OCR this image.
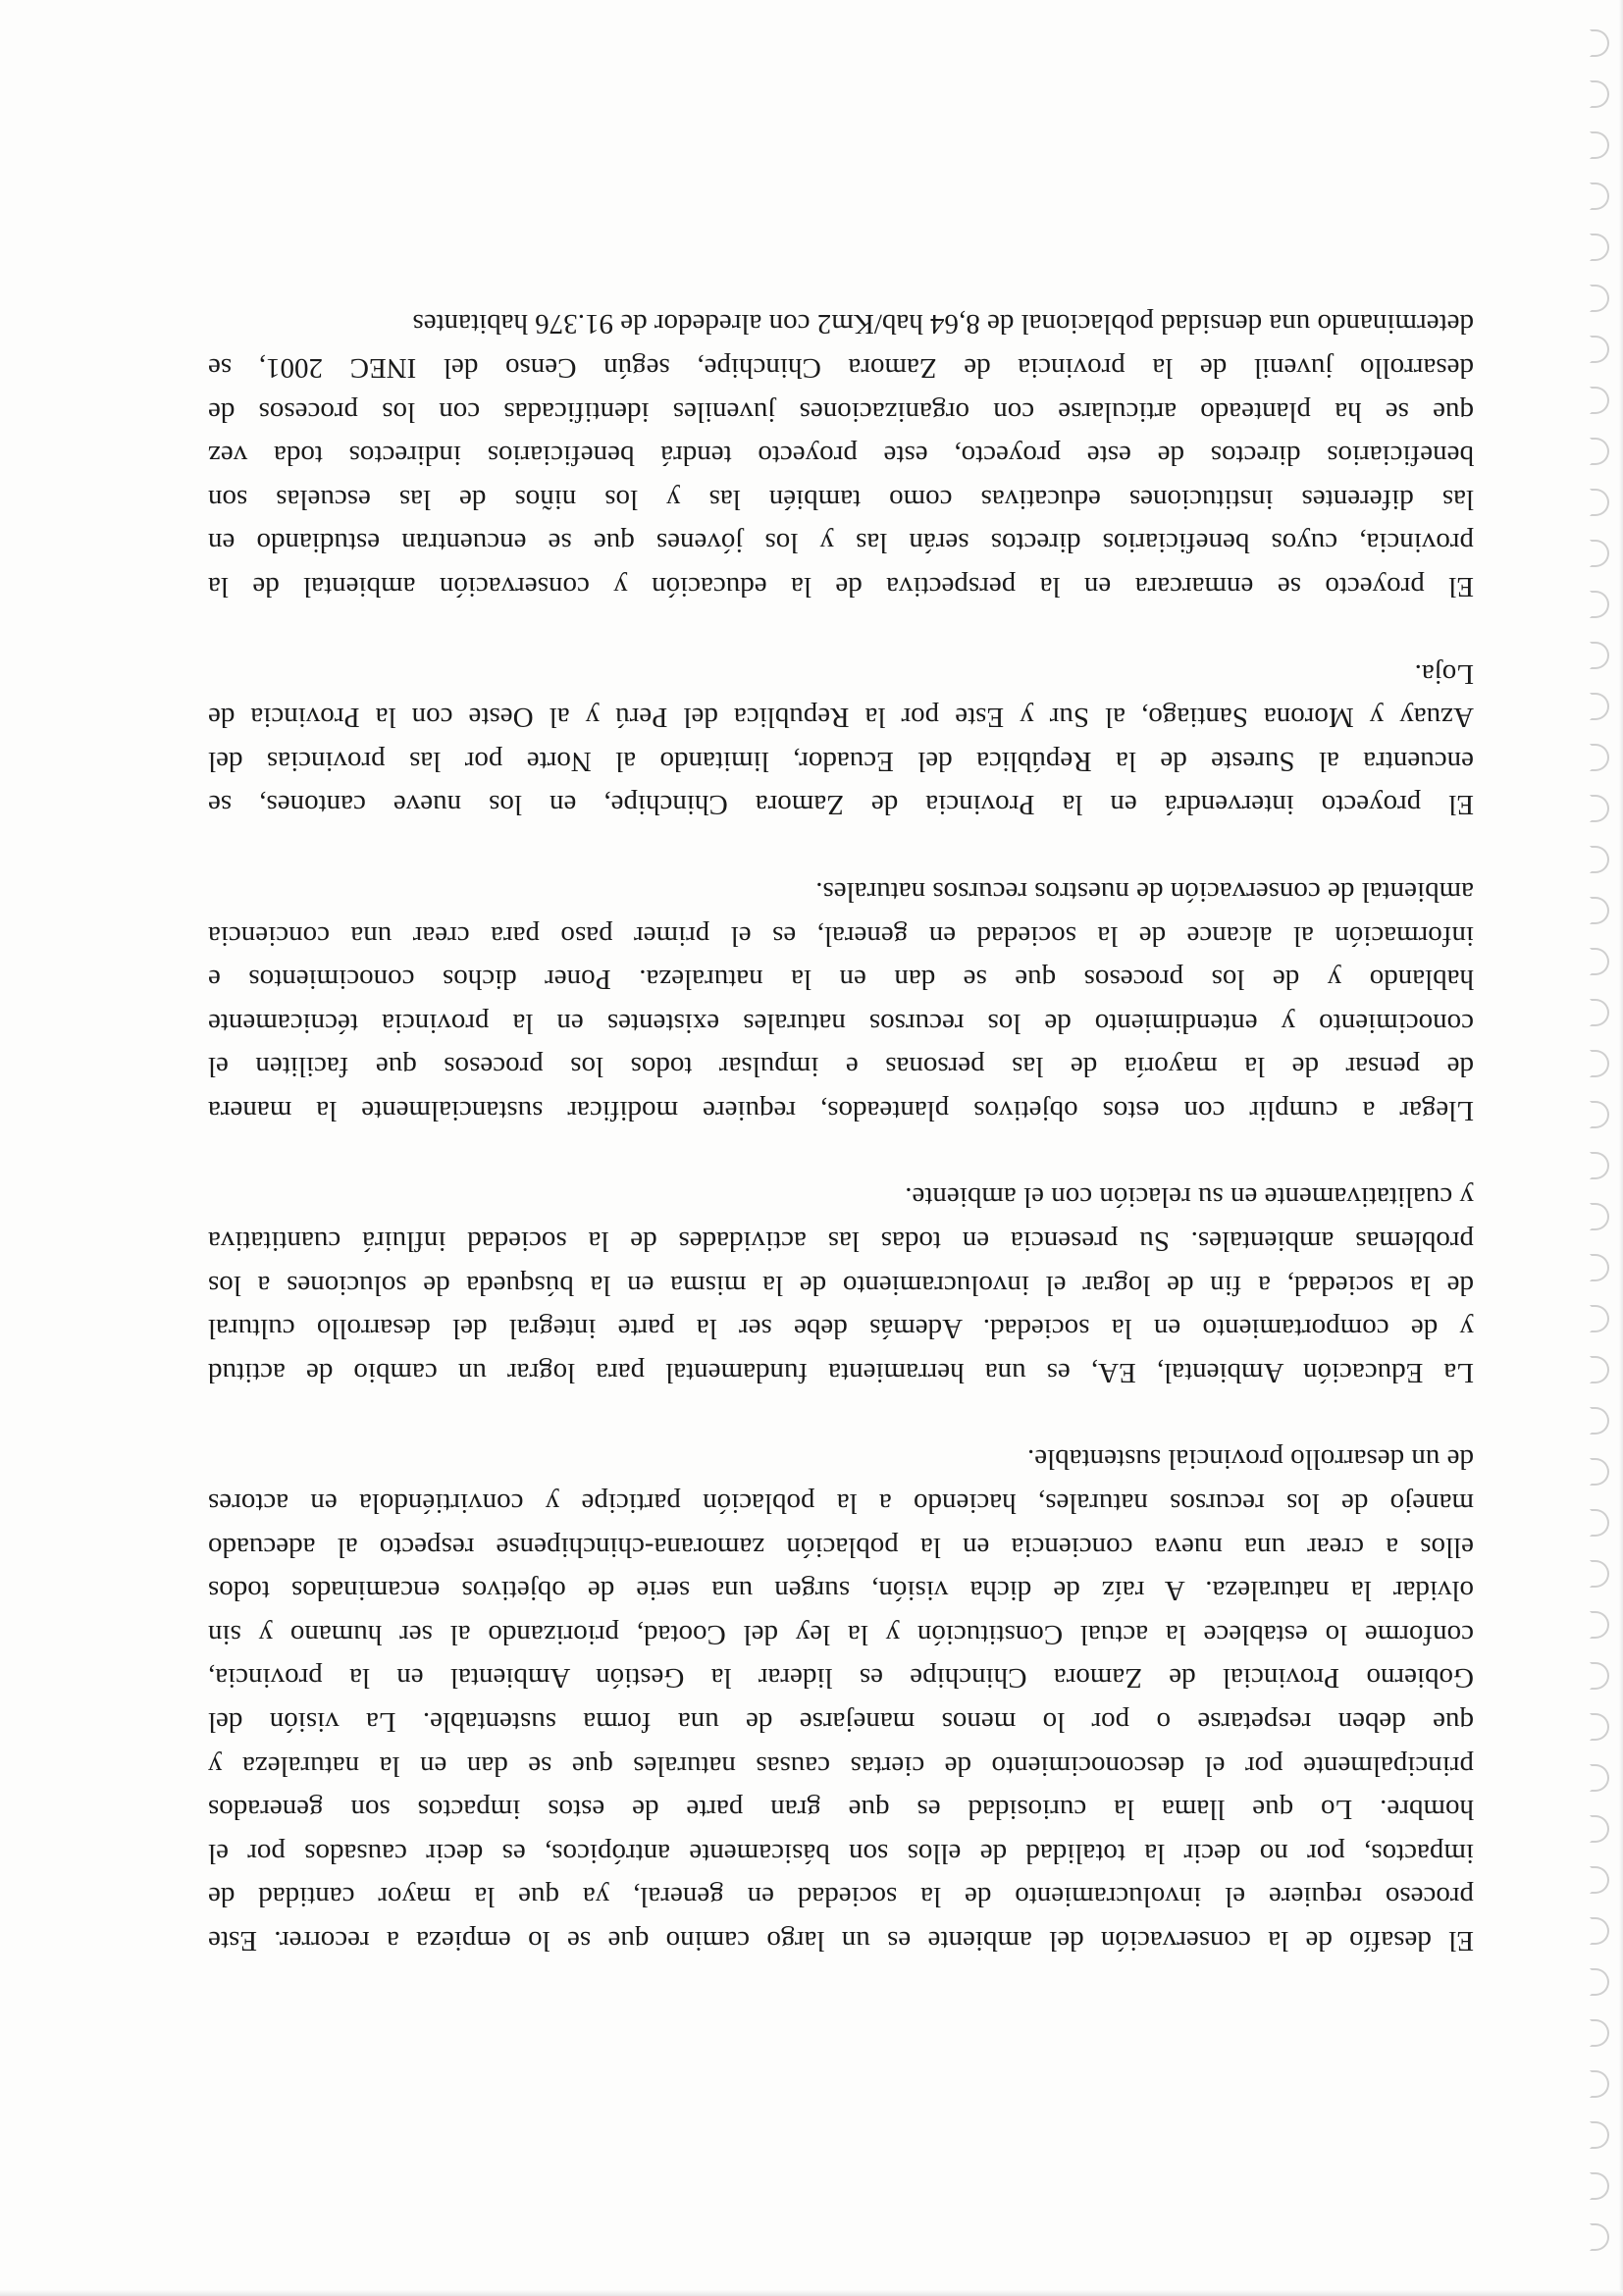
El desafío de la conservación del ambiente es un largo camino que se lo empieza a recorrer. Este
proceso requiere el involucramiento de la sociedad en general, ya que la mayor cantidad de
impactos, por no decir la totalidad de ellos son básicamente antrópicos, es decir causados por el
hombre. Lo que llama la curiosidad es que gran parte de estos impactos son generados
principalmente por el desconocimiento de ciertas causas naturales que se dan en la naturaleza y
que deben respetarse o por lo menos manejarse de una forma sustentable. La visión del
Gobierno Provincial de Zamora Chinchipe es liderar la Gestión Ambiental en la provincia,
conforme lo establece la actual Constitución y la ley del Cootad, priorizando al ser humano y sin
olvidar la naturaleza. A raíz de dicha visión, surgen una serie de objetivos encaminados todos
ellos a crear una nueva conciencia en la población zamorana-chinchipense respecto al adecuado
manejo de los recursos naturales, haciendo a la población participe y convirtiéndola en actores
de un desarrollo provincial sustentable.
La Educación Ambiental, EA, es una herramienta fundamental para lograr un cambio de actitud
y de comportamiento en la sociedad. Además debe ser la parte integral del desarrollo cultural
de la sociedad, a fin de lograr el involucramiento de la misma en la búsqueda de soluciones a los
problemas ambientales. Su presencia en todas las actividades de la sociedad influirá cuantitativa
y cualitativamente en su relación con el ambiente.
Llegar a cumplir con estos objetivos planteados, requiere modificar sustancialmente la manera
de pensar de la mayoría de las personas e impulsar todos los procesos que faciliten el
conocimiento y entendimiento de los recursos naturales existentes en la provincia técnicamente
hablando y de los procesos que se dan en la naturaleza. Poner dichos conocimientos e
información al alcance de la sociedad en general, es el primer paso para crear una conciencia
ambiental de conservación de nuestros recursos naturales.
El proyecto intervendrá en la Provincia de Zamora Chinchipe, en los nueve cantones, se
encuentra al Sureste de la República del Ecuador, limitando al Norte por las provincias del
Azuay y Morona Santiago, al Sur y Este por la Republica del Perú y al Oeste con la Provincia de
Loja.
El proyecto se enmarcara en la perspectiva de la educación y conservación ambiental de la
provincia, cuyos beneficiarios directos serán las y los jóvenes que se encuentran estudiando en
las diferentes instituciones educativas como también las y los niños de las escuelas son
beneficiarios directos de este proyecto, este proyecto tendrá beneficiarios indirectos toda vez
que se ha planteado articularse con organizaciones juveniles identificadas con los procesos de
desarrollo juvenil de la provincia de Zamora Chinchipe, según Censo del INEC 2001, se
determinando una densidad poblacional de 8,64 hab/Km2 con alrededor de 91.376 habitantes
